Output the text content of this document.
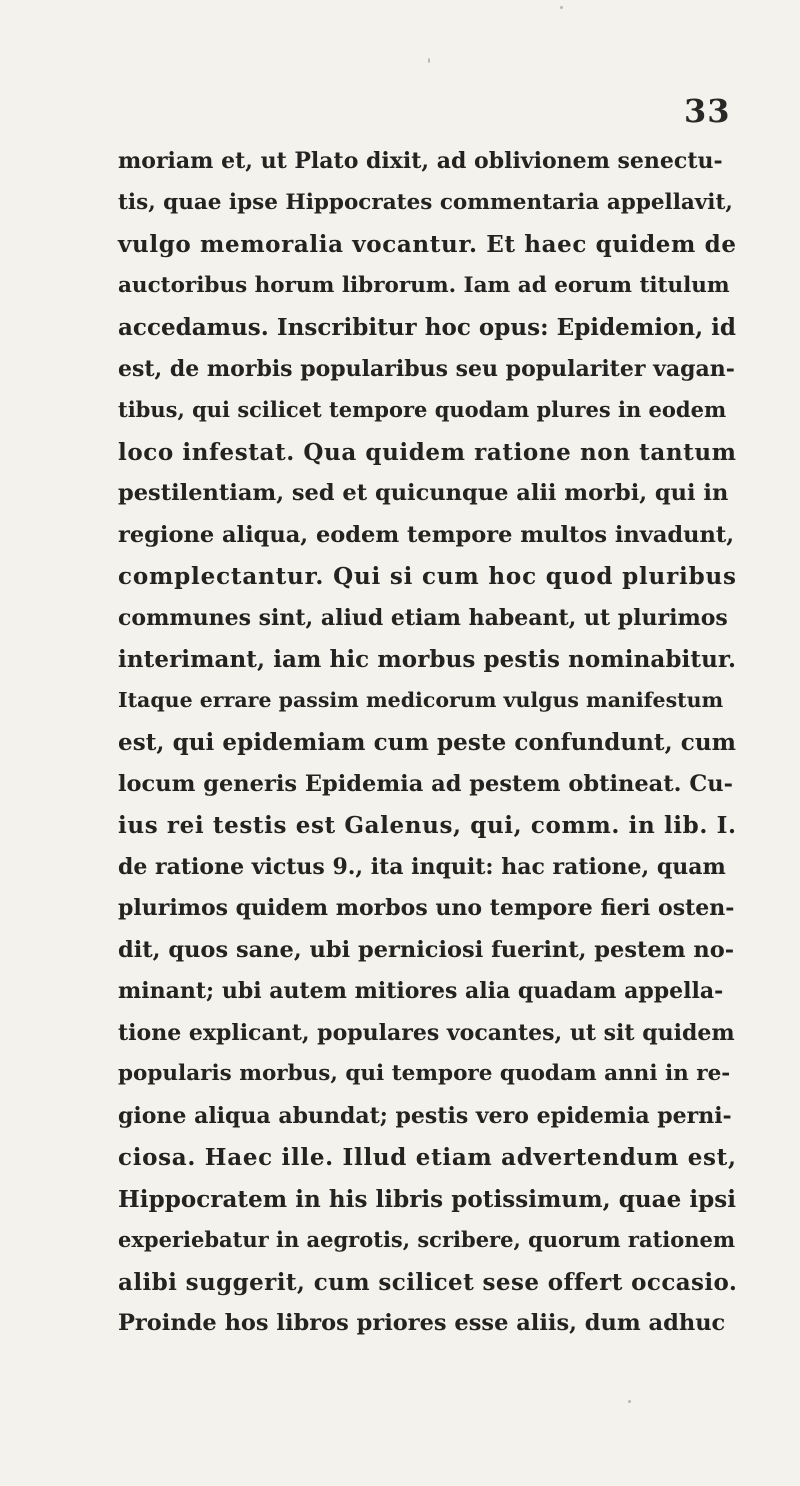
33
moriam et, ut Plato dixit, ad oblivionem senectu-
tis, quae ipse Hippocrates commentaria appellavit,
vulgo memoralia vocantur. Et haec quidem de
auctoribus horum librorum. Iam ad eorum titulum
accedamus. Inscribitur hoc opus: Epidemion, id
est, de morbis popularibus seu populariter vagan-
tibus, qui scilicet tempore quodam plures in eodem
loco infestat. Qua quidem ratione non tantum
pestilentiam, sed et quicunque alii morbi, qui in
regione aliqua, eodem tempore multos invadunt,
complectantur. Qui si cum hoc quod pluribus
communes sint, aliud etiam habeant, ut plurimos
interimant, iam hic morbus pestis nominabitur.
Itaque errare passim medicorum vulgus manifestum
est, qui epidemiam cum peste confundunt, cum
locum generis Epidemia ad pestem obtineat. Cu-
ius rei testis est Galenus, qui, comm. in lib. I.
de ratione victus 9., ita inquit: hac ratione, quam
plurimos quidem morbos uno tempore fieri osten-
dit, quos sane, ubi perniciosi fuerint, pestem no-
minant; ubi autem mitiores alia quadam appella-
tione explicant, populares vocantes, ut sit quidem
popularis morbus, qui tempore quodam anni in re-
gione aliqua abundat; pestis vero epidemia perni-
ciosa. Haec ille. Illud etiam advertendum est,
Hippocratem in his libris potissimum, quae ipsi
experiebatur in aegrotis, scribere, quorum rationem
alibi suggerit, cum scilicet sese offert occasio.
Proinde hos libros priores esse aliis, dum adhuc
